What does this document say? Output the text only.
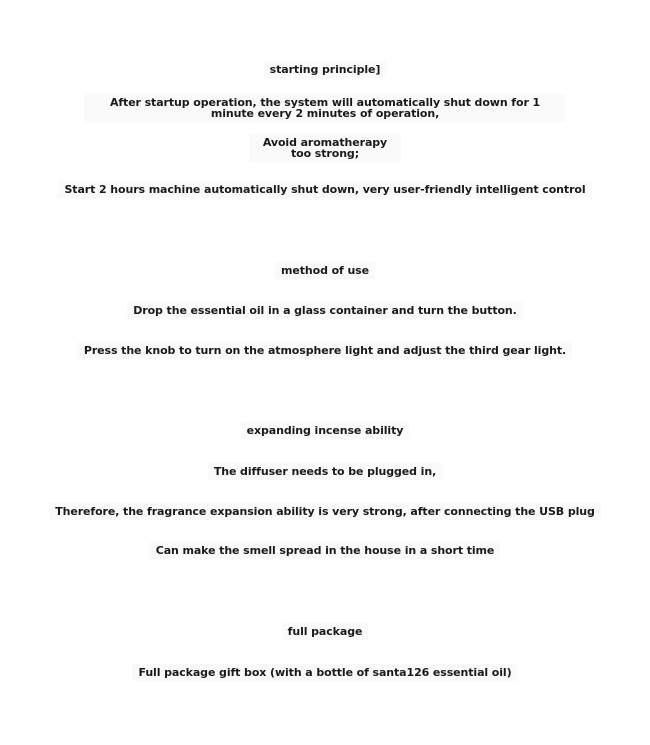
starting principle]
After startup operation, the system will automatically shut down for 1 minute every 2 minutes of operation,
Avoid aromatherapy too strong;
Start 2 hours machine automatically shut down, very user-friendly intelligent control
method of use
Drop the essential oil in a glass container and turn the button.
Press the knob to turn on the atmosphere light and adjust the third gear light.
expanding incense ability
The diffuser needs to be plugged in,
Therefore, the fragrance expansion ability is very strong, after connecting the USB plug
Can make the smell spread in the house in a short time
full package
Full package gift box (with a bottle of santa126 essential oil)
